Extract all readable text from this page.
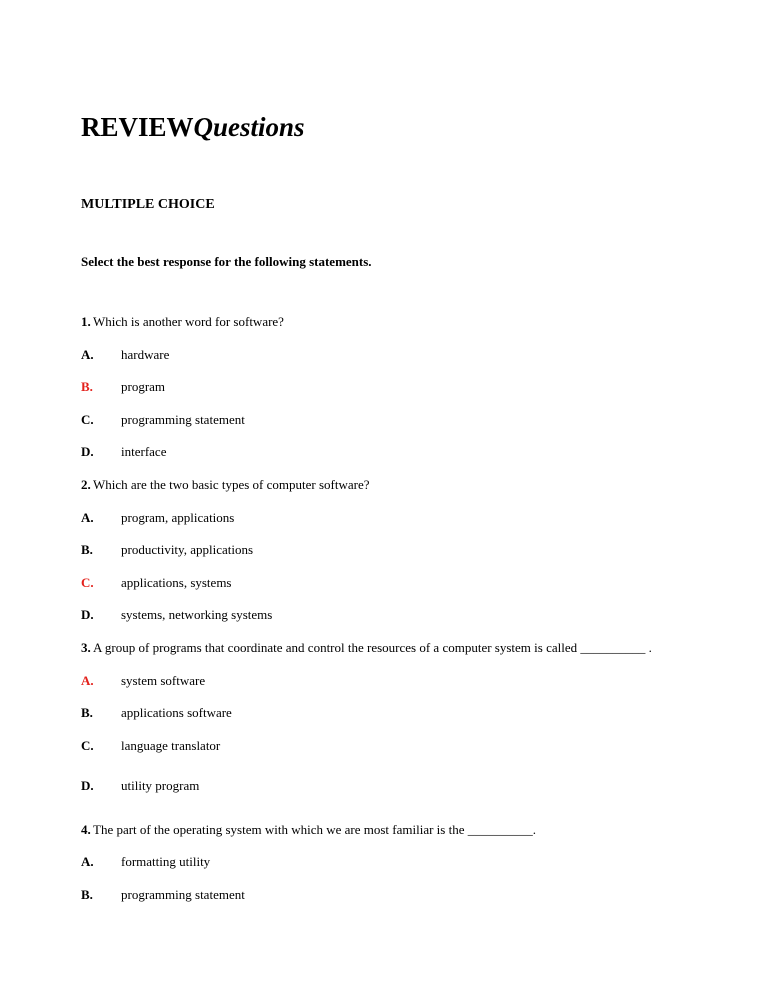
REVIEWQuestions
MULTIPLE CHOICE
Select the best response for the following statements.
1. Which is another word for software?
A. hardware
B. program
C. programming statement
D. interface
2. Which are the two basic types of computer software?
A. program, applications
B. productivity, applications
C. applications, systems
D. systems, networking systems
3. A group of programs that coordinate and control the resources of a computer system is called __________ .
A. system software
B. applications software
C. language translator
D. utility program
4. The part of the operating system with which we are most familiar is the __________.
A. formatting utility
B. programming statement
